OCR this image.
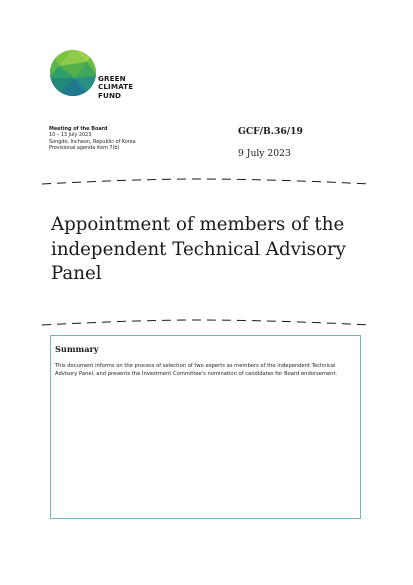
GREEN
CLIMATE
FUND
Meeting of the Board
10 – 13 July 2023
Songdo, Incheon, Republic of Korea
Provisional agenda item 7(b)
GCF/B.36/19
9 July 2023
Appointment of members of the independent Technical Advisory Panel
Summary
This document informs on the process of selection of two experts as members of the independent Technical Advisory Panel, and presents the Investment Committee's nomination of candidates for Board endorsement.
